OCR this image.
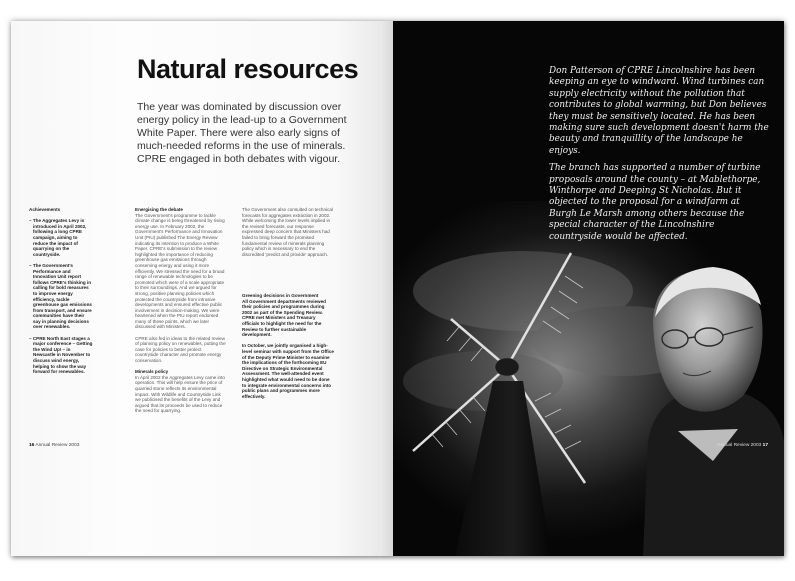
Natural resources
The year was dominated by discussion over energy policy in the lead-up to a Government White Paper. There were also early signs of much-needed reforms in the use of minerals. CPRE engaged in both debates with vigour.

Achievements

– The Aggregates Levy is introduced in April 2002, following a long CPRE campaign, aiming to reduce the impact of quarrying on the countryside.

– The Government's Performance and Innovation Unit report follows CPRE's thinking in calling for bold measures to improve energy efficiency, tackle greenhouse gas emissions from transport, and ensure communities have their say in planning decisions over renewables.

– CPRE North East stages a major conference – Getting the Wind Up! – in Newcastle in November to discuss wind energy, helping to show the way forward for renewables.

Energising the debate

The Government's programme to tackle climate change is being threatened by rising energy use. In February 2002, the Government's Performance and Innovation Unit (PIU) published The Energy Review indicating its intention to produce a White Paper. CPRE's submission to the review highlighted the importance of reducing greenhouse gas emissions through conserving energy and using it more efficiently. We stressed the need for a broad range of renewable technologies to be promoted which were of a scale appropriate to their surroundings. And we argued for strong, positive planning policies which protected the countryside from intrusive developments and ensured effective public involvement in decision-making. We were heartened when the PIU report endorsed many of these points, which we later discussed with Ministers.

CPRE also fed in ideas to the related review of planning policy on renewables, putting the case for policies to better protect countryside character and promote energy conservation.

Minerals policy

In April 2002 the Aggregates Levy came into operation. This will help ensure the price of quarried stone reflects its environmental impact. With Wildlife and Countryside Link we publicised the benefits of the Levy and argued that its proceeds be used to reduce the need for quarrying.

The Government also consulted on technical forecasts for aggregates extraction in 2002. While welcoming the lower levels implied in the revised forecasts, our response expressed deep concern that Ministers had failed to bring forward the promised fundamental review of minerals planning policy which is necessary to end the discredited 'predict and provide' approach.

Greening decisions in Government

All Government departments reviewed their policies and programmes during 2002 as part of the Spending Review. CPRE met Ministers and Treasury officials to highlight the need for the Review to further sustainable development.

In October, we jointly organised a high-level seminar with support from the Office of the Deputy Prime Minister to examine the implications of the forthcoming EU Directive on Strategic Environmental Assessment. The well-attended event highlighted what would need to be done to integrate environmental concerns into public plans and programmes more effectively.

16 Annual Review 2003

Don Patterson of CPRE Lincolnshire has been keeping an eye to windward. Wind turbines can supply electricity without the pollution that contributes to global warming, but Don believes they must be sensitively located. He has been making sure such development doesn't harm the beauty and tranquillity of the landscape he enjoys.

The branch has supported a number of turbine proposals around the county – at Mablethorpe, Winthorpe and Deeping St Nicholas. But it objected to the proposal for a windfarm at Burgh Le Marsh among others because the special character of the Lincolnshire countryside would be affected.

Annual Review 2003 17
